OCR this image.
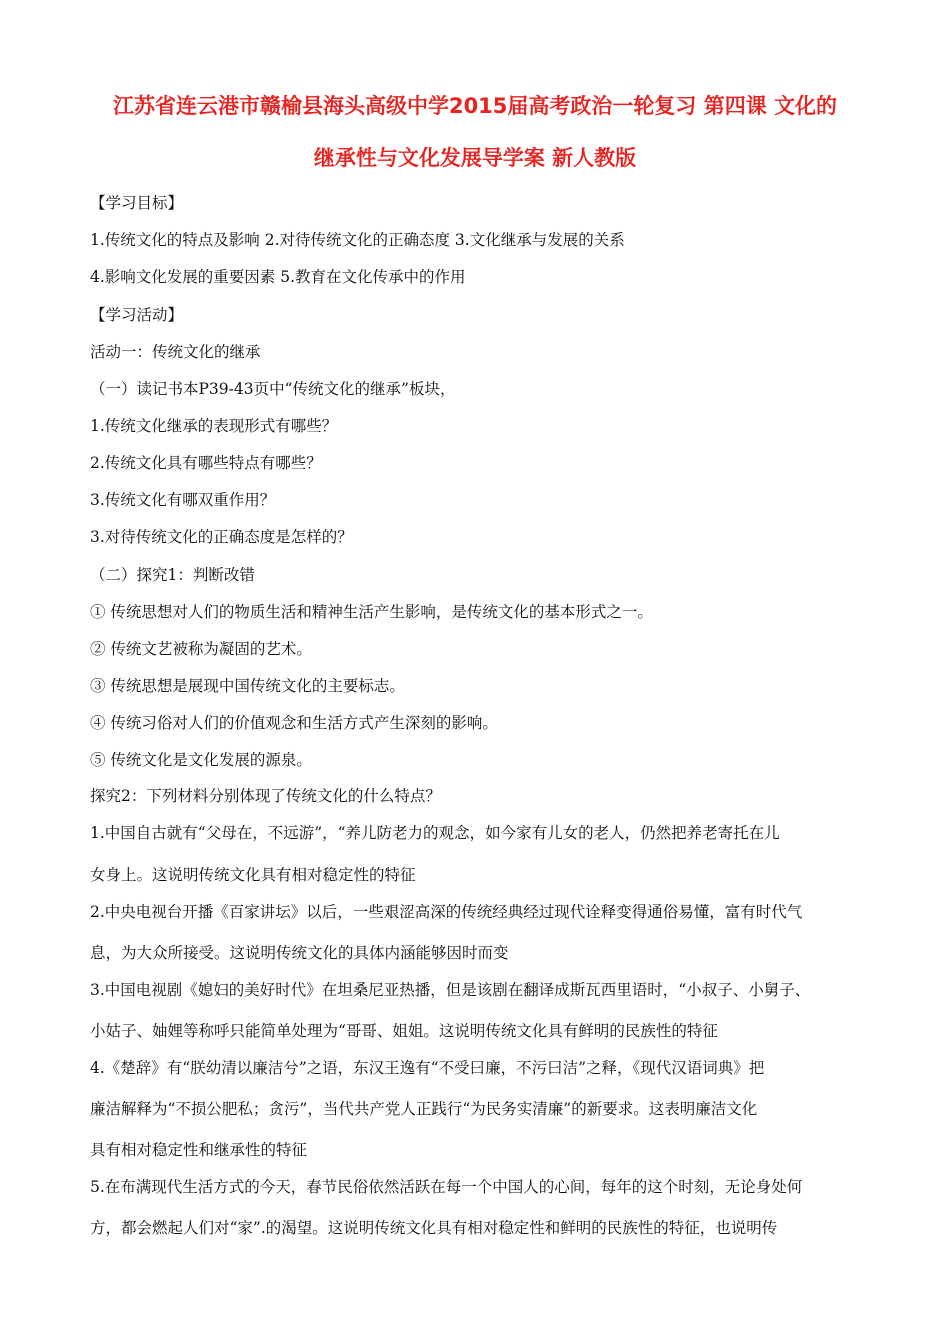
江苏省连云港市赣榆县海头高级中学2015届高考政治一轮复习 第四课 文化的
继承性与文化发展导学案 新人教版
【学习目标】
1.传统文化的特点及影响 2.对待传统文化的正确态度 3.文化继承与发展的关系
4.影响文化发展的重要因素 5.教育在文化传承中的作用
【学习活动】
活动一：传统文化的继承
（一）读记书本P39-43页中“传统文化的继承”板块，
1.传统文化继承的表现形式有哪些？
2.传统文化具有哪些特点有哪些？
3.传统文化有哪双重作用？
3.对待传统文化的正确态度是怎样的？
（二）探究1：判断改错
① 传统思想对人们的物质生活和精神生活产生影响，是传统文化的基本形式之一。
② 传统文艺被称为凝固的艺术。
③ 传统思想是展现中国传统文化的主要标志。
④ 传统习俗对人们的价值观念和生活方式产生深刻的影响。
⑤ 传统文化是文化发展的源泉。
探究2：下列材料分别体现了传统文化的什么特点？
1.中国自古就有“父母在，不远游”，“养儿防老力的观念，如今家有儿女的老人，仍然把养老寄托在儿
女身上。这说明传统文化具有相对稳定性的特征
2.中央电视台开播《百家讲坛》以后，一些艰涩高深的传统经典经过现代诠释变得通俗易懂，富有时代气
息，为大众所接受。这说明传统文化的具体内涵能够因时而变
3.中国电视剧《媳妇的美好时代》在坦桑尼亚热播，但是该剧在翻译成斯瓦西里语时，“小叔子、小舅子、
小姑子、妯娌等称呼只能简单处理为“哥哥、姐姐。这说明传统文化具有鲜明的民族性的特征
4.《楚辞》有“朕幼清以廉洁兮”之语，东汉王逸有“不受曰廉，不污曰洁”之释，《现代汉语词典》把
廉洁解释为“不损公肥私；贪污”，当代共产党人正践行“为民务实清廉”的新要求。这表明廉洁文化
具有相对稳定性和继承性的特征
5.在布满现代生活方式的今天，春节民俗依然活跃在每一个中国人的心间，每年的这个时刻，无论身处何
方，都会燃起人们对“家”.的渴望。这说明传统文化具有相对稳定性和鲜明的民族性的特征，也说明传
